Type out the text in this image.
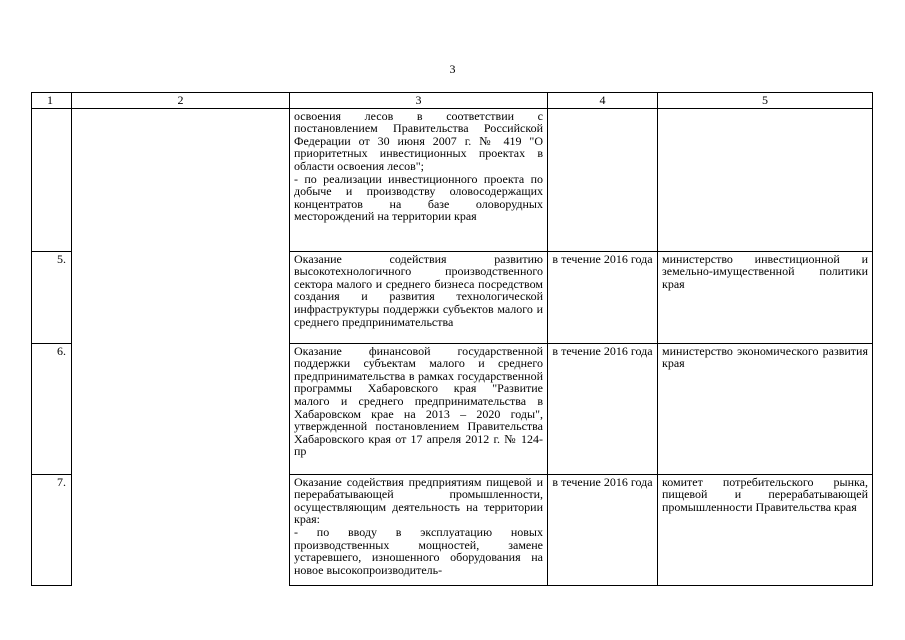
3
1	2	3	4	5

		освоения лесов в соответствии с постановлением Правительства Российской Федерации от 30 июня 2007 г. № 419 "О приоритетных инвестиционных проектах в области освоения лесов";
- по реализации инвестиционного проекта по добыче и производству оловосодержащих концентратов на базе оловорудных месторождений на территории края		

5.		Оказание содействия развитию высокотехнологичного производственного сектора малого и среднего бизнеса посредством создания и развития технологической инфраструктуры поддержки субъектов малого и среднего предпринимательства	в течение 2016 года	министерство инвестиционной и земельно-имущественной политики края
6.		Оказание финансовой государственной поддержки субъектам малого и среднего предпринимательства в рамках государственной программы Хабаровского края "Развитие малого и среднего предпринимательства в Хабаровском крае на 2013 – 2020 годы", утвержденной постановлением Правительства Хабаровского края от 17 апреля 2012 г. № 124-пр	в течение 2016 года	министерство экономического развития края
7.		Оказание содействия предприятиям пищевой и перерабатывающей промышленности, осуществляющим деятельность на территории края:
- по вводу в эксплуатацию новых производственных мощностей, замене устаревшего, изношенного оборудования на новое высокопроизводитель-	в течение 2016 года	комитет потребительского рынка, пищевой и перерабатывающей промышленности Правительства края
